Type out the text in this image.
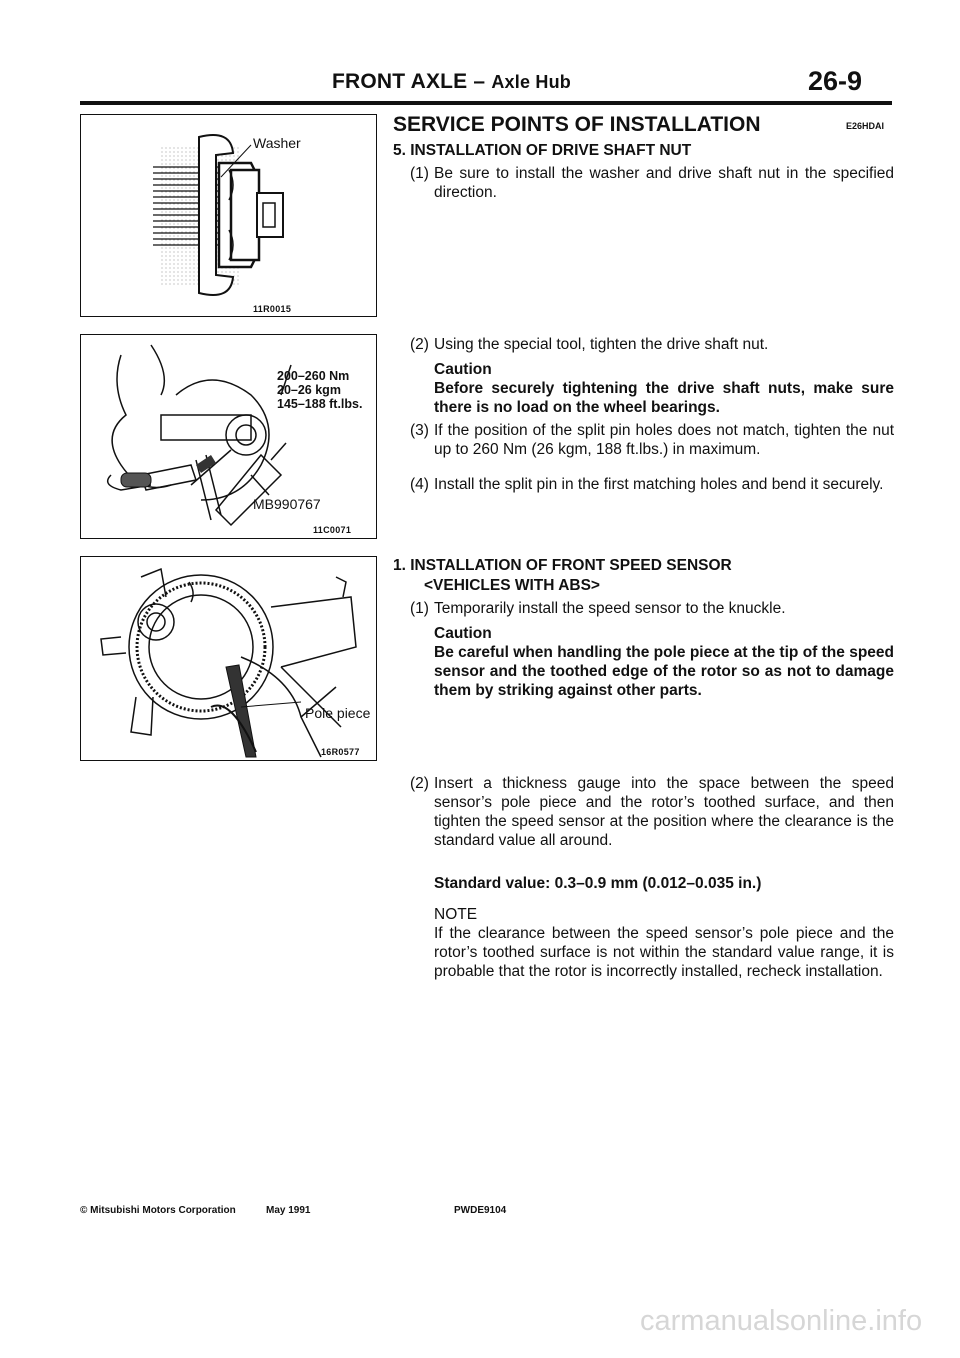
FRONT AXLE – Axle Hub	26-9
Washer
11R0015
200–260 Nm
20–26 kgm
145–188 ft.lbs.
MB990767
11C0071
Pole piece
16R0577
SERVICE POINTS OF INSTALLATION	E26HDAI
5. INSTALLATION OF DRIVE SHAFT NUT
(1) Be sure to install the washer and drive shaft nut in the specified direction.
(2) Using the special tool, tighten the drive shaft nut.
Caution
Before securely tightening the drive shaft nuts, make sure there is no load on the wheel bearings.
(3) If the position of the split pin holes does not match, tighten the nut up to 260 Nm (26 kgm, 188 ft.lbs.) in maximum.
(4) Install the split pin in the first matching holes and bend it securely.
1. INSTALLATION OF FRONT SPEED SENSOR
<VEHICLES WITH ABS>
(1) Temporarily install the speed sensor to the knuckle.
Caution
Be careful when handling the pole piece at the tip of the speed sensor and the toothed edge of the rotor so as not to damage them by striking against other parts.
(2) Insert a thickness gauge into the space between the speed sensor’s pole piece and the rotor’s toothed surface, and then tighten the speed sensor at the position where the clearance is the standard value all around.
Standard value: 0.3–0.9 mm (0.012–0.035 in.)
NOTE
If the clearance between the speed sensor’s pole piece and the rotor’s toothed surface is not within the standard value range, it is probable that the rotor is incorrectly installed, recheck installation.
© Mitsubishi Motors Corporation	May 1991	PWDE9104
carmanualsonline.info
